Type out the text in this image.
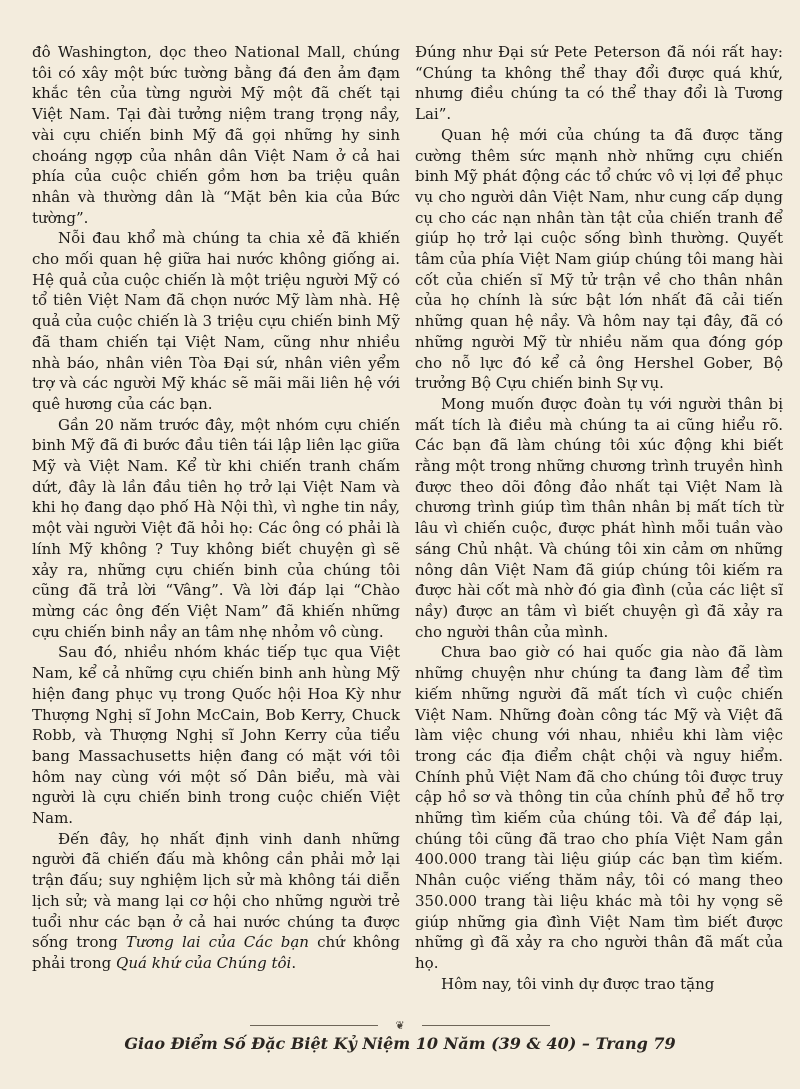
đô Washington, dọc theo National Mall, chúng tôi có xây một bức tường bằng đá đen ảm đạm khắc tên của từng người Mỹ một đã chết tại Việt Nam. Tại đài tưởng niệm trang trọng nầy, vài cựu chiến binh Mỹ đã gọi những hy sinh choáng ngợp của nhân dân Việt Nam ở cả hai phía của cuộc chiến gồm hơn ba triệu quân nhân và thường dân là “Mặt bên kia của Bức tường”.

Nỗi đau khổ mà chúng ta chia xẻ đã khiến cho mối quan hệ giữa hai nước không giống ai. Hệ quả của cuộc chiến là một triệu người Mỹ có tổ tiên Việt Nam đã chọn nước Mỹ làm nhà. Hệ quả của cuộc chiến là 3 triệu cựu chiến binh Mỹ đã tham chiến tại Việt Nam, cũng như nhiều nhà báo, nhân viên Tòa Đại sứ, nhân viên yểm trợ và các người Mỹ khác sẽ mãi mãi liên hệ với quê hương của các bạn.

Gần 20 năm trước đây, một nhóm cựu chiến binh Mỹ đã đi bước đầu tiên tái lập liên lạc giữa Mỹ và Việt Nam. Kể từ khi chiến tranh chấm dứt, đây là lần đầu tiên họ trở lại Việt Nam và khi họ đang dạo phố Hà Nội thì, vì nghe tin nầy, một vài người Việt đã hỏi họ: Các ông có phải là lính Mỹ không ? Tuy không biết chuyện gì sẽ xảy ra, những cựu chiến binh của chúng tôi cũng đã trả lời “Vâng”. Và lời đáp lại “Chào mừng các ông đến Việt Nam” đã khiến những cựu chiến binh nầy an tâm nhẹ nhỏm vô cùng.

Sau đó, nhiều nhóm khác tiếp tục qua Việt Nam, kể cả những cựu chiến binh anh hùng Mỹ hiện đang phục vụ trong Quốc hội Hoa Kỳ như Thượng Nghị sĩ John McCain, Bob Kerry, Chuck Robb, và Thượng Nghị sĩ John Kerry của tiểu bang Massachusetts hiện đang có mặt với tôi hôm nay cùng với một số Dân biểu, mà vài người là cựu chiến binh trong cuộc chiến Việt Nam.

Đến đây, họ nhất định vinh danh những người đã chiến đấu mà không cần phải mở lại trận đấu; suy nghiệm lịch sử mà không tái diễn lịch sử; và mang lại cơ hội cho những người trẻ tuổi như các bạn ở cả hai nước chúng ta được sống trong Tương lai của Các bạn chứ không phải trong Quá khứ của Chúng tôi.

Đúng như Đại sứ Pete Peterson đã nói rất hay: “Chúng ta không thể thay đổi được quá khứ, nhưng điều chúng ta có thể thay đổi là Tương Lai”.

Quan hệ mới của chúng ta đã được tăng cường thêm sức mạnh nhờ những cựu chiến binh Mỹ phát động các tổ chức vô vị lợi để phục vụ cho người dân Việt Nam, như cung cấp dụng cụ cho các nạn nhân tàn tật của chiến tranh để giúp họ trở lại cuộc sống bình thường. Quyết tâm của phía Việt Nam giúp chúng tôi mang hài cốt của chiến sĩ Mỹ tử trận về cho thân nhân của họ chính là sức bật lớn nhất đã cải tiến những quan hệ nầy. Và hôm nay tại đây, đã có những người Mỹ từ nhiều năm qua đóng góp cho nỗ lực đó kể cả ông Hershel Gober, Bộ trưởng Bộ Cựu chiến binh Sự vụ.

Mong muốn được đoàn tụ với người thân bị mất tích là điều mà chúng ta ai cũng hiểu rõ. Các bạn đã làm chúng tôi xúc động khi biết rằng một trong những chương trình truyền hình được theo dõi đông đảo nhất tại Việt Nam là chương trình giúp tìm thân nhân bị mất tích từ lâu vì chiến cuộc, được phát hình mỗi tuần vào sáng Chủ nhật. Và chúng tôi xin cảm ơn những nông dân Việt Nam đã giúp chúng tôi kiếm ra được hài cốt mà nhờ đó gia đình (của các liệt sĩ nầy) được an tâm vì biết chuyện gì đã xảy ra cho người thân của mình.

Chưa bao giờ có hai quốc gia nào đã làm những chuyện như chúng ta đang làm để tìm kiếm những người đã mất tích vì cuộc chiến Việt Nam. Những đoàn công tác Mỹ và Việt đã làm việc chung với nhau, nhiều khi làm việc trong các địa điểm chật chội và nguy hiểm. Chính phủ Việt Nam đã cho chúng tôi được truy cập hồ sơ và thông tin của chính phủ để hỗ trợ những tìm kiếm của chúng tôi. Và để đáp lại, chúng tôi cũng đã trao cho phía Việt Nam gần 400.000 trang tài liệu giúp các bạn tìm kiếm. Nhân cuộc viếng thăm nầy, tôi có mang theo 350.000 trang tài liệu khác mà tôi hy vọng sẽ giúp những gia đình Việt Nam tìm biết được những gì đã xảy ra cho người thân đã mất của họ.

Hôm nay, tôi vinh dự được trao tặng

❦
Giao Điểm Số Đặc Biệt Kỷ Niệm 10 Năm (39 & 40) – Trang 79
